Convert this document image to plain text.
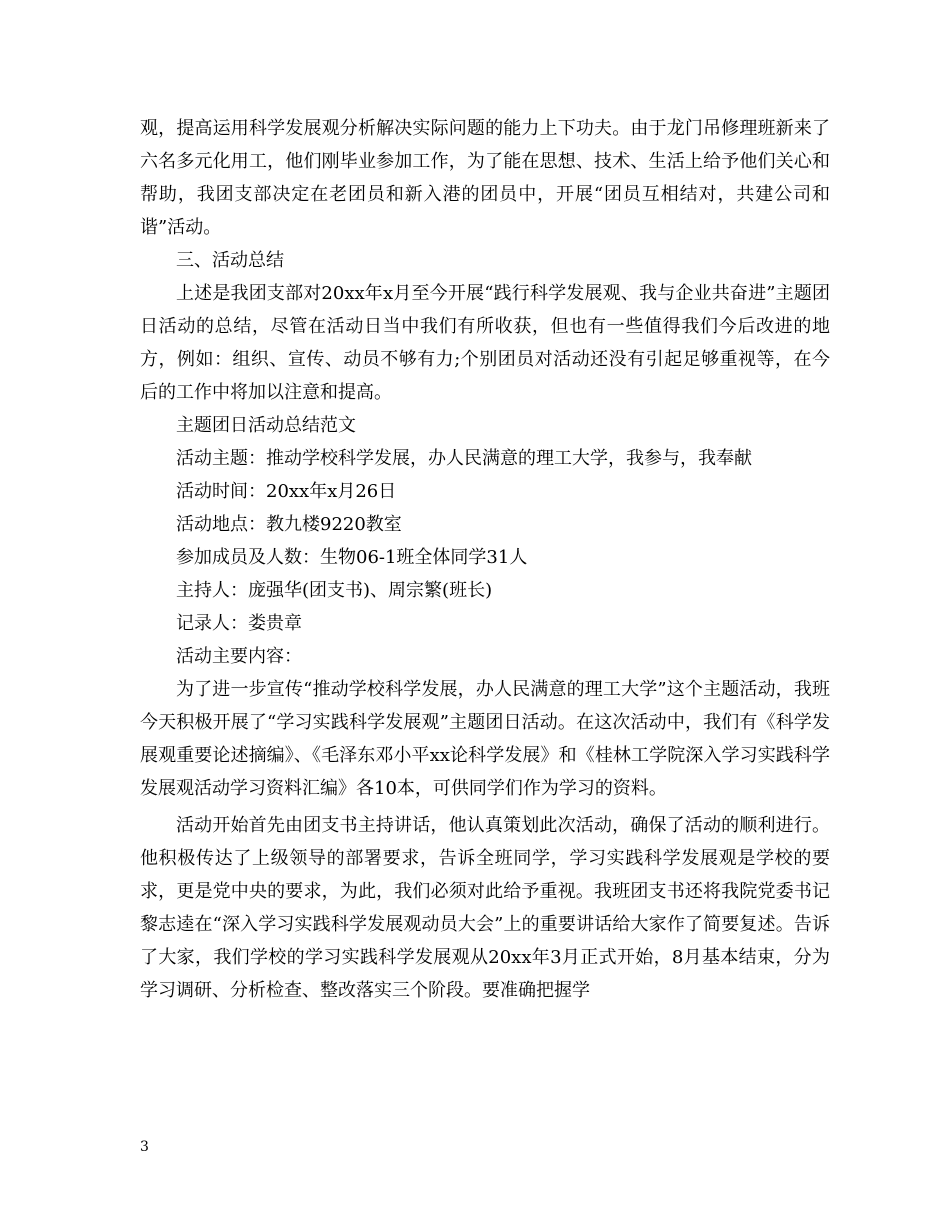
观，提高运用科学发展观分析解决实际问题的能力上下功夫。由于龙门吊修理班新来了六名多元化用工，他们刚毕业参加工作，为了能在思想、技术、生活上给予他们关心和帮助，我团支部决定在老团员和新入港的团员中，开展“团员互相结对，共建公司和谐”活动。

三、活动总结

上述是我团支部对20xx年x月至今开展“践行科学发展观、我与企业共奋进”主题团日活动的总结，尽管在活动日当中我们有所收获，但也有一些值得我们今后改进的地方，例如：组织、宣传、动员不够有力;个别团员对活动还没有引起足够重视等，在今后的工作中将加以注意和提高。

主题团日活动总结范文

活动主题：推动学校科学发展，办人民满意的理工大学，我参与，我奉献

活动时间：20xx年x月26日

活动地点：教九楼9220教室

参加成员及人数：生物06-1班全体同学31人

主持人：庞强华(团支书)、周宗繁(班长)

记录人：娄贵章

活动主要内容：

为了进一步宣传“推动学校科学发展，办人民满意的理工大学”这个主题活动，我班今天积极开展了“学习实践科学发展观”主题团日活动。在这次活动中，我们有《科学发展观重要论述摘编》、《毛泽东邓小平xx论科学发展》和《桂林工学院深入学习实践科学发展观活动学习资料汇编》各10本，可供同学们作为学习的资料。

活动开始首先由团支书主持讲话，他认真策划此次活动，确保了活动的顺利进行。他积极传达了上级领导的部署要求，告诉全班同学，学习实践科学发展观是学校的要求，更是党中央的要求，为此，我们必须对此给予重视。我班团支书还将我院党委书记黎志逵在“深入学习实践科学发展观动员大会”上的重要讲话给大家作了简要复述。告诉了大家，我们学校的学习实践科学发展观从20xx年3月正式开始，8月基本结束，分为学习调研、分析检查、整改落实三个阶段。要准确把握学

3
